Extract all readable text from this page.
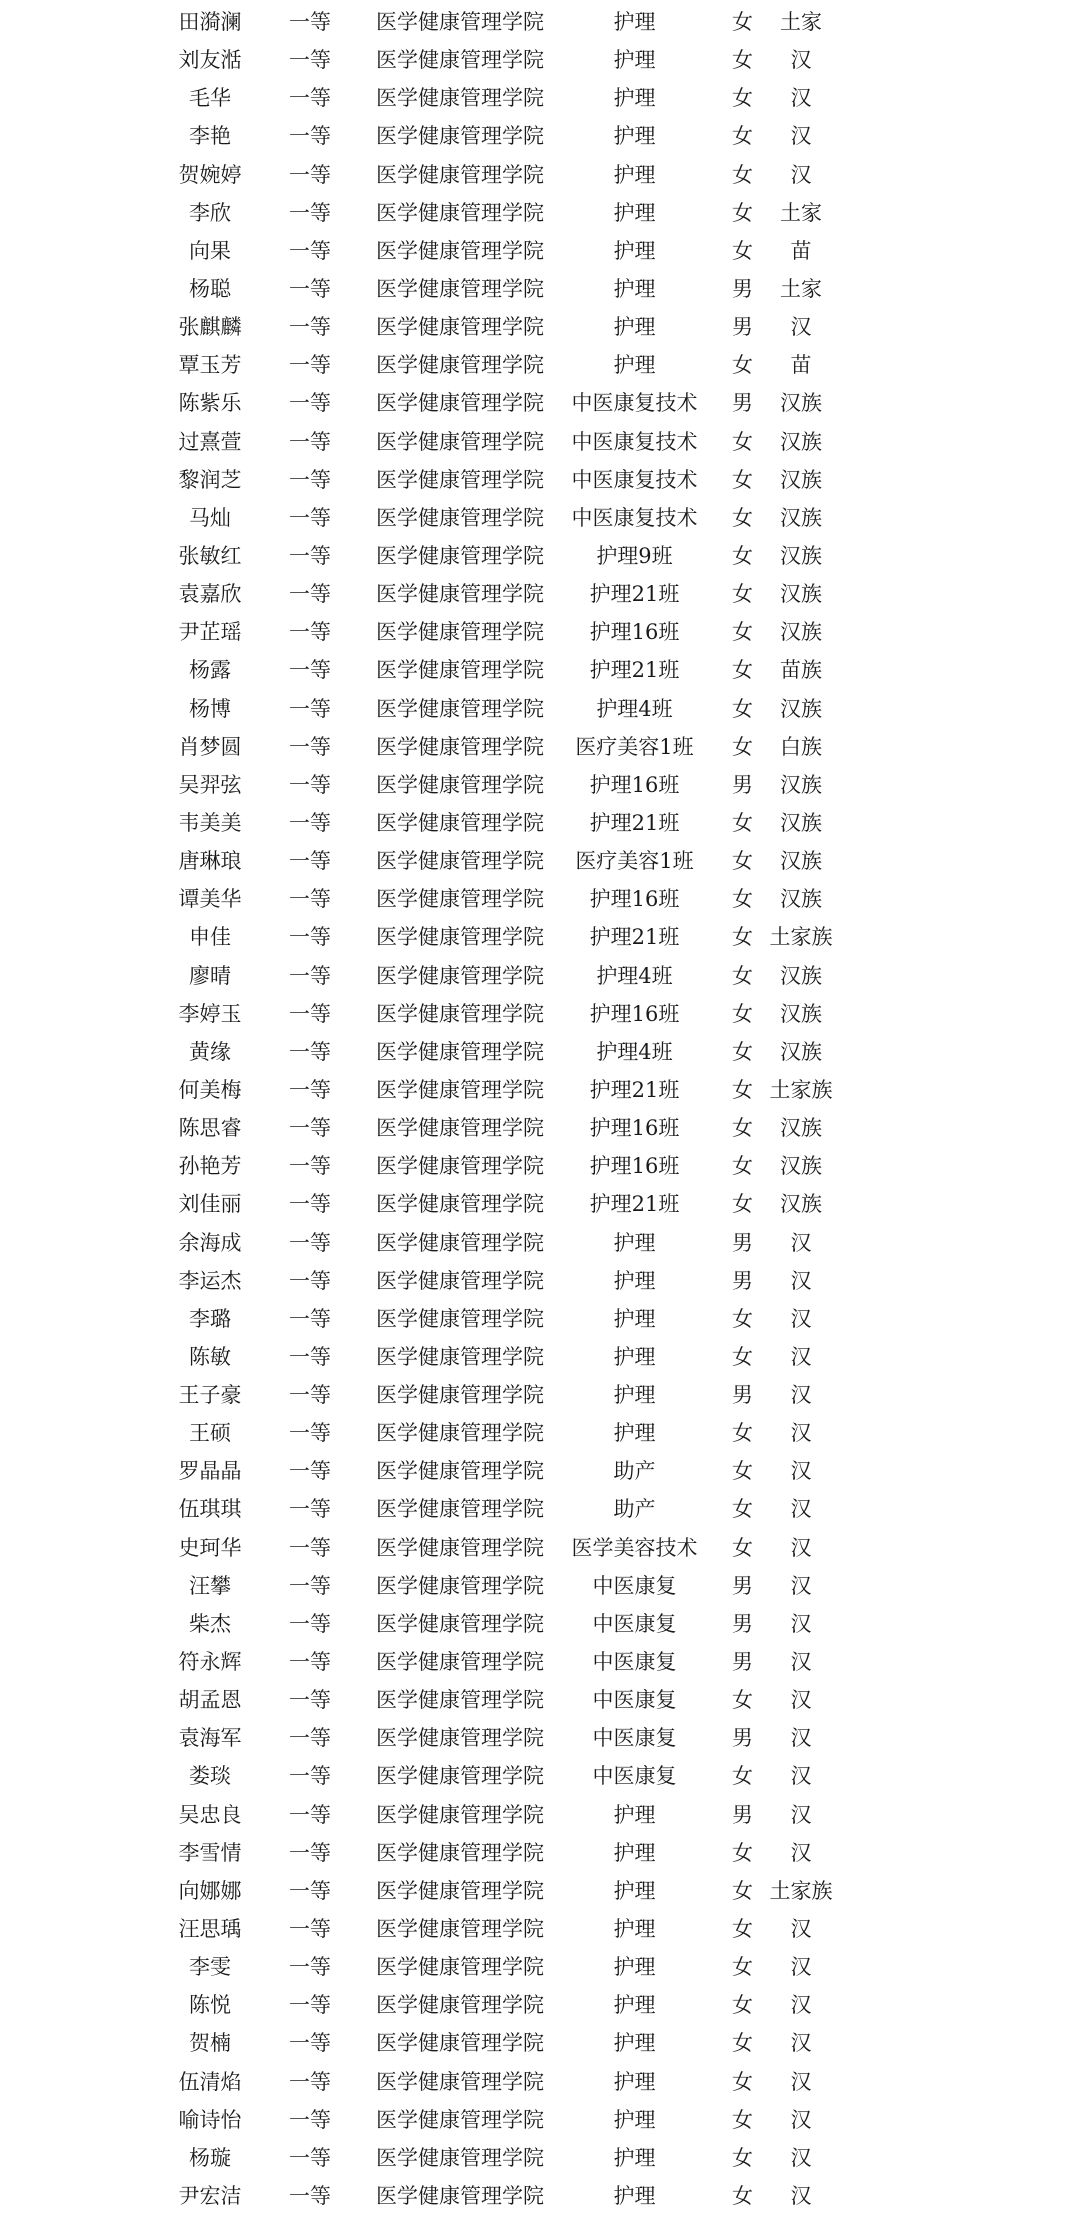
田漪澜	一等	医学健康管理学院	护理	女	土家
刘友湉	一等	医学健康管理学院	护理	女	汉
毛华	一等	医学健康管理学院	护理	女	汉
李艳	一等	医学健康管理学院	护理	女	汉
贺婉婷	一等	医学健康管理学院	护理	女	汉
李欣	一等	医学健康管理学院	护理	女	土家
向果	一等	医学健康管理学院	护理	女	苗
杨聪	一等	医学健康管理学院	护理	男	土家
张麒麟	一等	医学健康管理学院	护理	男	汉
覃玉芳	一等	医学健康管理学院	护理	女	苗
陈紫乐	一等	医学健康管理学院	中医康复技术	男	汉族
过熹萱	一等	医学健康管理学院	中医康复技术	女	汉族
黎润芝	一等	医学健康管理学院	中医康复技术	女	汉族
马灿	一等	医学健康管理学院	中医康复技术	女	汉族
张敏红	一等	医学健康管理学院	护理9班	女	汉族
袁嘉欣	一等	医学健康管理学院	护理21班	女	汉族
尹芷瑶	一等	医学健康管理学院	护理16班	女	汉族
杨露	一等	医学健康管理学院	护理21班	女	苗族
杨博	一等	医学健康管理学院	护理4班	女	汉族
肖梦圆	一等	医学健康管理学院	医疗美容1班	女	白族
吴羿弦	一等	医学健康管理学院	护理16班	男	汉族
韦美美	一等	医学健康管理学院	护理21班	女	汉族
唐琳琅	一等	医学健康管理学院	医疗美容1班	女	汉族
谭美华	一等	医学健康管理学院	护理16班	女	汉族
申佳	一等	医学健康管理学院	护理21班	女 土家族
廖晴	一等	医学健康管理学院	护理4班	女	汉族
李婷玉	一等	医学健康管理学院	护理16班	女	汉族
黄缘	一等	医学健康管理学院	护理4班	女	汉族
何美梅	一等	医学健康管理学院	护理21班	女 土家族
陈思睿	一等	医学健康管理学院	护理16班	女	汉族
孙艳芳	一等	医学健康管理学院	护理16班	女	汉族
刘佳丽	一等	医学健康管理学院	护理21班	女	汉族
余海成	一等	医学健康管理学院	护理	男	汉
李运杰	一等	医学健康管理学院	护理	男	汉
李璐	一等	医学健康管理学院	护理	女	汉
陈敏	一等	医学健康管理学院	护理	女	汉
王子豪	一等	医学健康管理学院	护理	男	汉
王硕	一等	医学健康管理学院	护理	女	汉
罗晶晶	一等	医学健康管理学院	助产	女	汉
伍琪琪	一等	医学健康管理学院	助产	女	汉
史珂华	一等	医学健康管理学院	医学美容技术	女	汉
汪攀	一等	医学健康管理学院	中医康复	男	汉
柴杰	一等	医学健康管理学院	中医康复	男	汉
符永辉	一等	医学健康管理学院	中医康复	男	汉
胡孟恩	一等	医学健康管理学院	中医康复	女	汉
袁海军	一等	医学健康管理学院	中医康复	男	汉
娄琰	一等	医学健康管理学院	中医康复	女	汉
吴忠良	一等	医学健康管理学院	护理	男	汉
李雪情	一等	医学健康管理学院	护理	女	汉
向娜娜	一等	医学健康管理学院	护理	女 土家族
汪思瑀	一等	医学健康管理学院	护理	女	汉
李雯	一等	医学健康管理学院	护理	女	汉
陈悦	一等	医学健康管理学院	护理	女	汉
贺楠	一等	医学健康管理学院	护理	女	汉
伍清焰	一等	医学健康管理学院	护理	女	汉
喻诗怡	一等	医学健康管理学院	护理	女	汉
杨璇	一等	医学健康管理学院	护理	女	汉
尹宏洁	一等	医学健康管理学院	护理	女	汉
